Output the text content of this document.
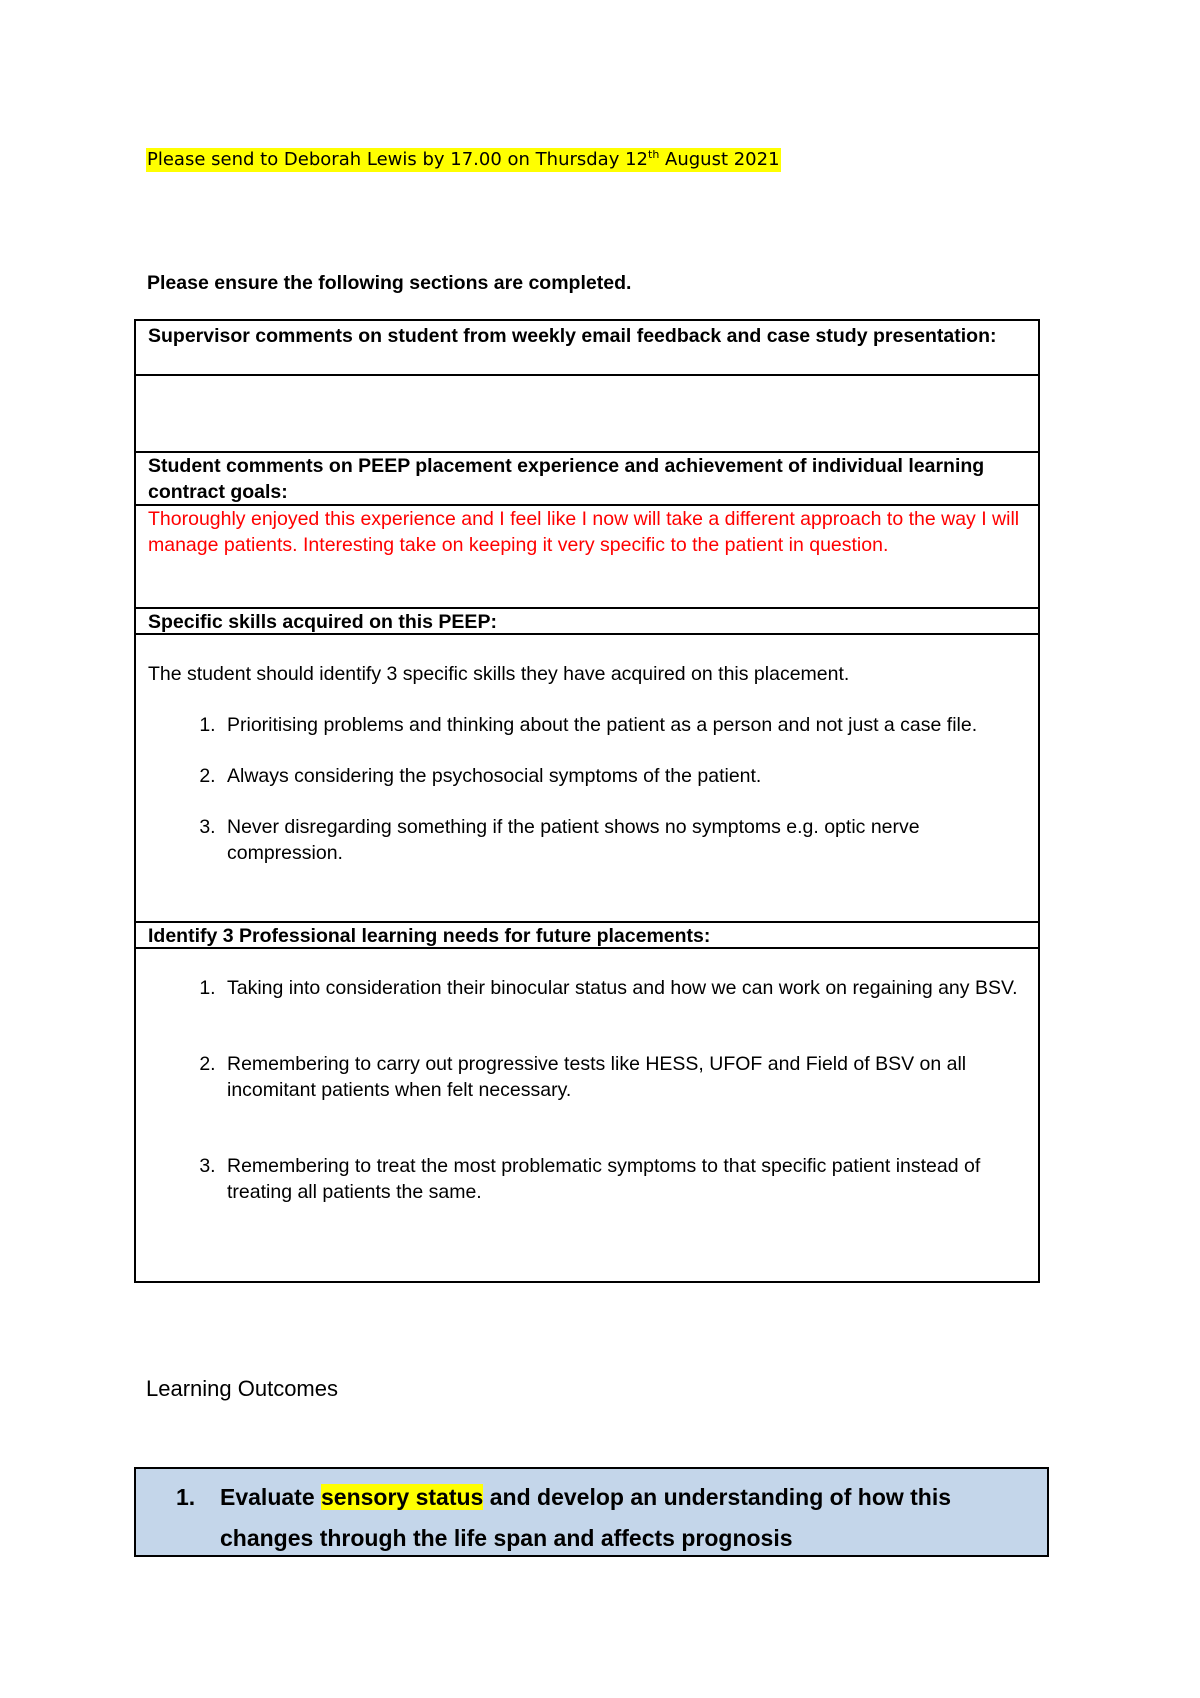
Please send to Deborah Lewis by 17.00 on Thursday 12th August 2021
Please ensure the following sections are completed.
Supervisor comments on student from weekly email feedback and case study presentation:
Student comments on PEEP placement experience and achievement of individual learning contract goals:
Thoroughly enjoyed this experience and I feel like I now will take a different approach to the way I will manage patients. Interesting take on keeping it very specific to the patient in question.
Specific skills acquired on this PEEP:
The student should identify 3 specific skills they have acquired on this placement.
1. Prioritising problems and thinking about the patient as a person and not just a case file.
2. Always considering the psychosocial symptoms of the patient.
3. Never disregarding something if the patient shows no symptoms e.g. optic nerve compression.
Identify 3 Professional learning needs for future placements:
1. Taking into consideration their binocular status and how we can work on regaining any BSV.
2. Remembering to carry out progressive tests like HESS, UFOF and Field of BSV on all incomitant patients when felt necessary.
3. Remembering to treat the most problematic symptoms to that specific patient instead of treating all patients the same.
Learning Outcomes
1. Evaluate sensory status and develop an understanding of how this changes through the life span and affects prognosis
